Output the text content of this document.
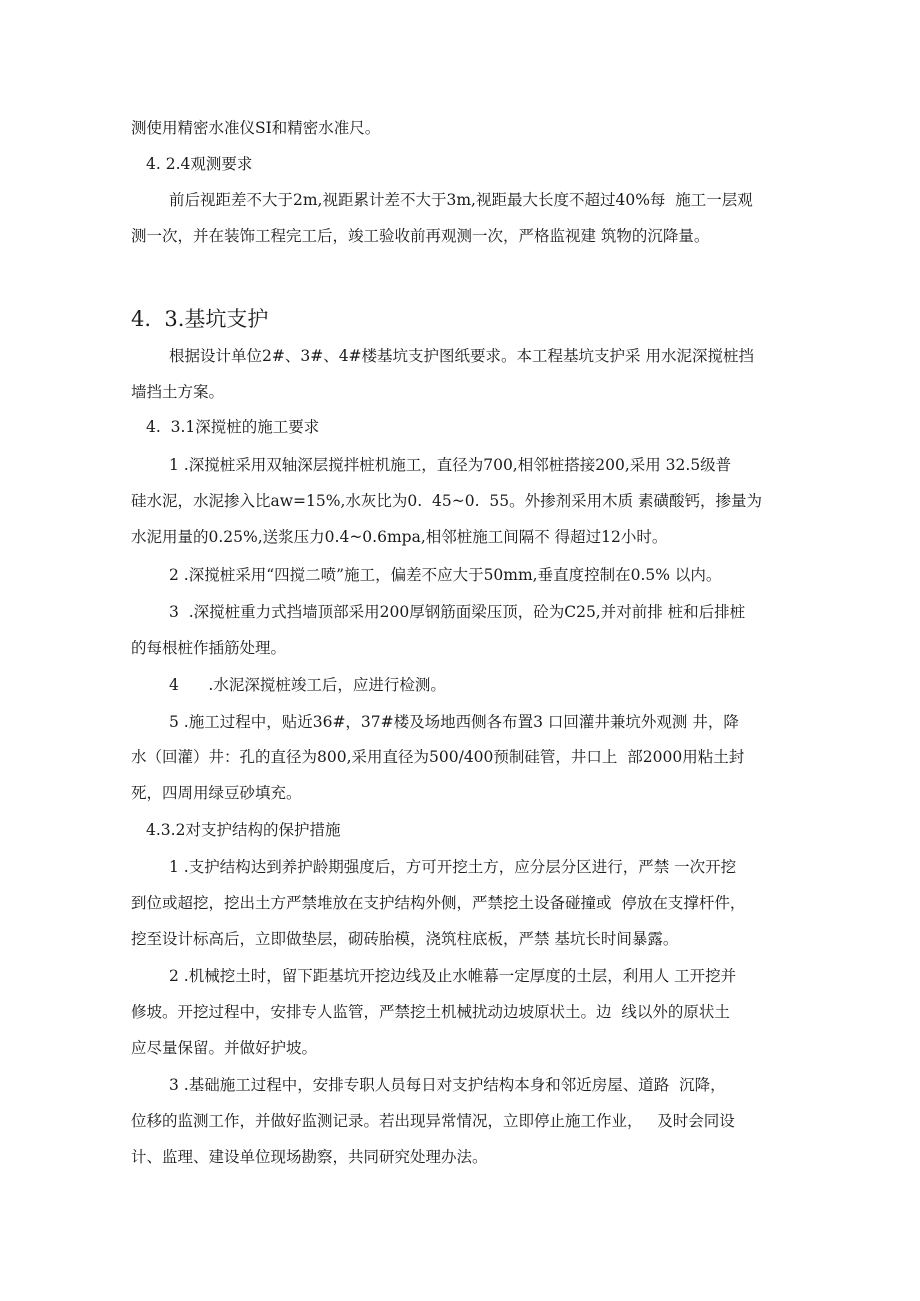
测使用精密水准仪SI和精密水准尺。
4. 2.4观测要求
前后视距差不大于2m,视距累计差不大于3m,视距最大长度不超过40%每  施工一层观
测一次，并在装饰工程完工后，竣工验收前再观测一次，严格监视建 筑物的沉降量。
4.  3.基坑支护
根据设计单位2#、3#、4#楼基坑支护图纸要求。本工程基坑支护采 用水泥深搅桩挡
墙挡土方案。
4.  3.1深搅桩的施工要求
1 .深搅桩采用双轴深层搅拌桩机施工，直径为700,相邻桩搭接200,采用 32.5级普
硅水泥，水泥掺入比aw=15%,水灰比为0.  45~0.  55。外掺剂采用木质 素磺酸钙，掺量为
水泥用量的0.25%,送浆压力0.4~0.6mpa,相邻桩施工间隔不 得超过12小时。
2 .深搅桩采用“四搅二喷”施工，偏差不应大于50mm,垂直度控制在0.5% 以内。
3  .深搅桩重力式挡墙顶部采用200厚钢筋面梁压顶，砼为C25,并对前排 桩和后排桩
的每根桩作插筋处理。
4      .水泥深搅桩竣工后，应进行检测。
5 .施工过程中，贴近36#，37#楼及场地西侧各布置3 口回灌井兼坑外观测 井，降
水（回灌）井：孔的直径为800,采用直径为500/400预制硅管，井口上  部2000用粘土封
死，四周用绿豆砂填充。
4.3.2对支护结构的保护措施
1 .支护结构达到养护龄期强度后，方可开挖土方，应分层分区进行，严禁 一次开挖
到位或超挖，挖出土方严禁堆放在支护结构外侧，严禁挖土设备碰撞或  停放在支撑杆件，
挖至设计标高后，立即做垫层，砌砖胎模，浇筑柱底板，严禁 基坑长时间暴露。
2 .机械挖土时，留下距基坑开挖边线及止水帷幕一定厚度的土层，利用人 工开挖并
修坡。开挖过程中，安排专人监管，严禁挖土机械扰动边坡原状土。边  线以外的原状土
应尽量保留。并做好护坡。
3 .基础施工过程中，安排专职人员每日对支护结构本身和邻近房屋、道路  沉降，
位移的监测工作，并做好监测记录。若出现异常情况，立即停止施工作业，   及时会同设
计、监理、建设单位现场勘察，共同研究处理办法。
